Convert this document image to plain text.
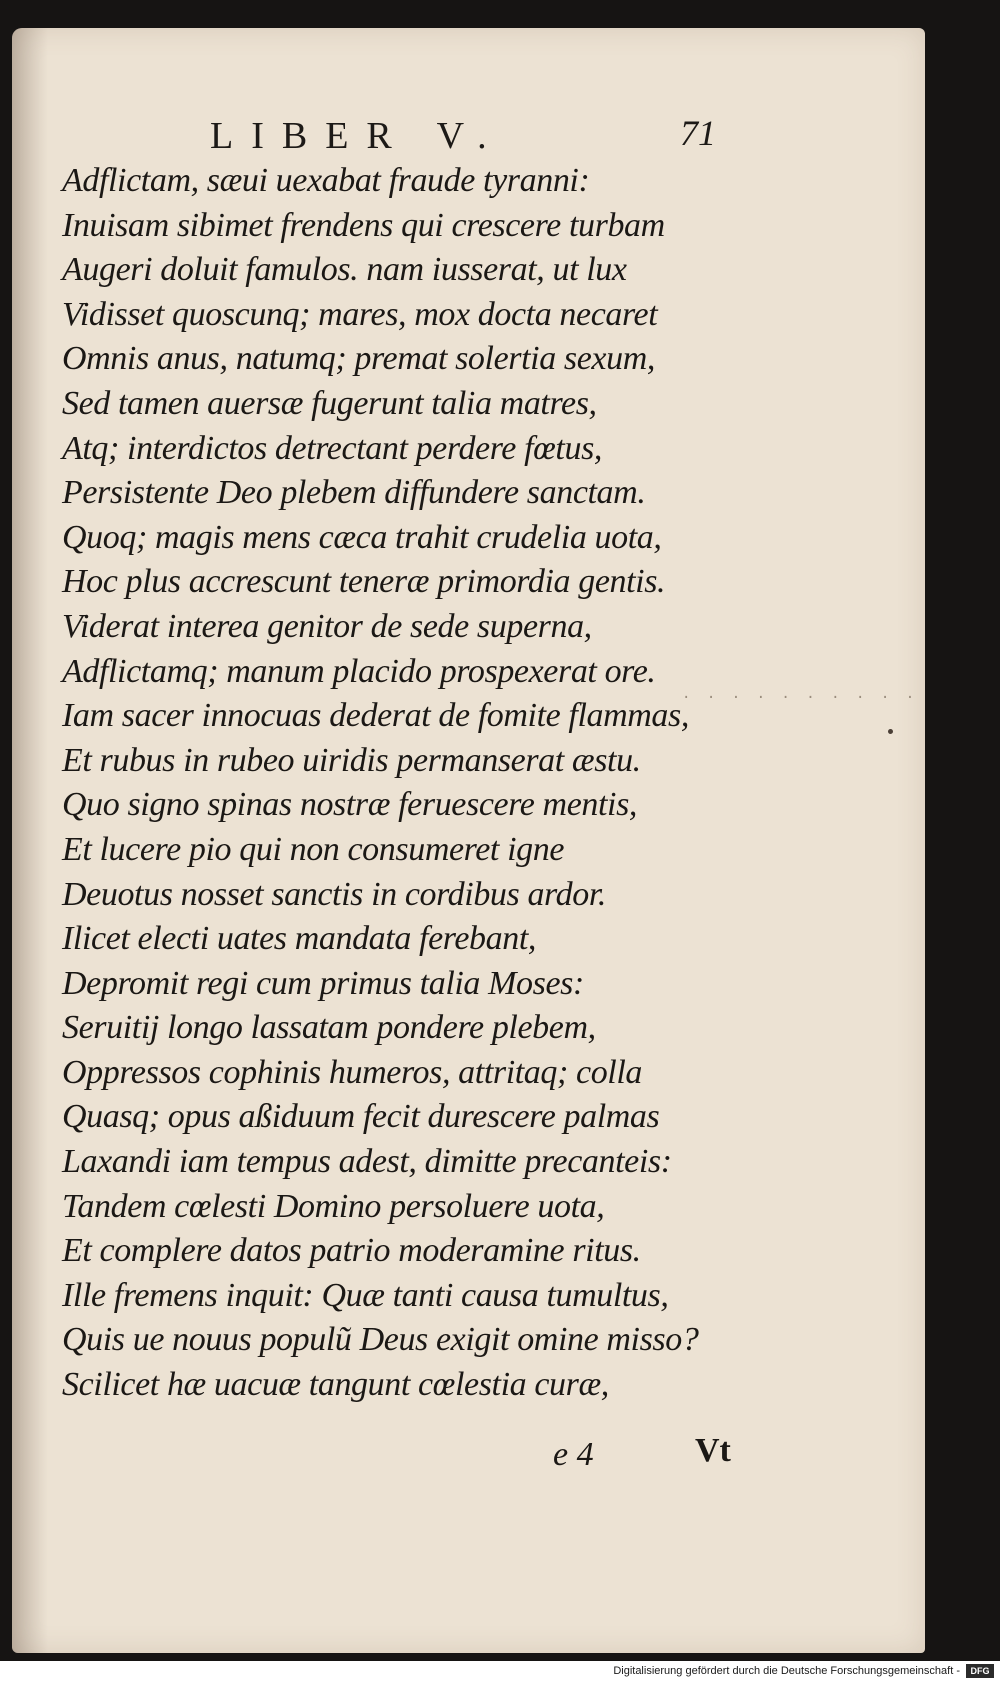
LIBER V.	71
Adflictam, sæui uexabat fraude tyranni:
Inuisam sibimet frendens qui crescere turbam
Augeri doluit famulos. nam iusserat, ut lux
Vidisset quoscunq; mares, mox docta necaret
Omnis anus, natumq; premat solertia sexum,
Sed tamen auersæ fugerunt talia matres,
Atq; interdictos detrectant perdere fœtus,
Persistente Deo plebem diffundere sanctam.
Quoq; magis mens cæca trahit crudelia uota,
Hoc plus accrescunt teneræ primordia gentis.
Viderat interea genitor de sede superna,
Adflictamq; manum placido prospexerat ore.
Iam sacer innocuas dederat de fomite flammas,
Et rubus in rubeo uiridis permanserat æstu.
Quo signo spinas nostræ feruescere mentis,
Et lucere pio qui non consumeret igne
Deuotus nosset sanctis in cordibus ardor.
Ilicet electi uates mandata ferebant,
Depromit regi cum primus talia Moses:
Seruitij longo lassatam pondere plebem,
Oppressos cophinis humeros, attritaq; colla
Quasq; opus aßiduum fecit durescere palmas
Laxandi iam tempus adest, dimitte precanteis:
Tandem cœlesti Domino persoluere uota,
Et complere datos patrio moderamine ritus.
Ille fremens inquit: Quæ tanti causa tumultus,
Quis ue nouus populũ Deus exigit omine misso?
Scilicet hæ uacuæ tangunt cœlestia curæ,
· · · · · · · · · ·
e 4	Vt
Digitalisierung gefördert durch die Deutsche Forschungsgemeinschaft -	DFG
